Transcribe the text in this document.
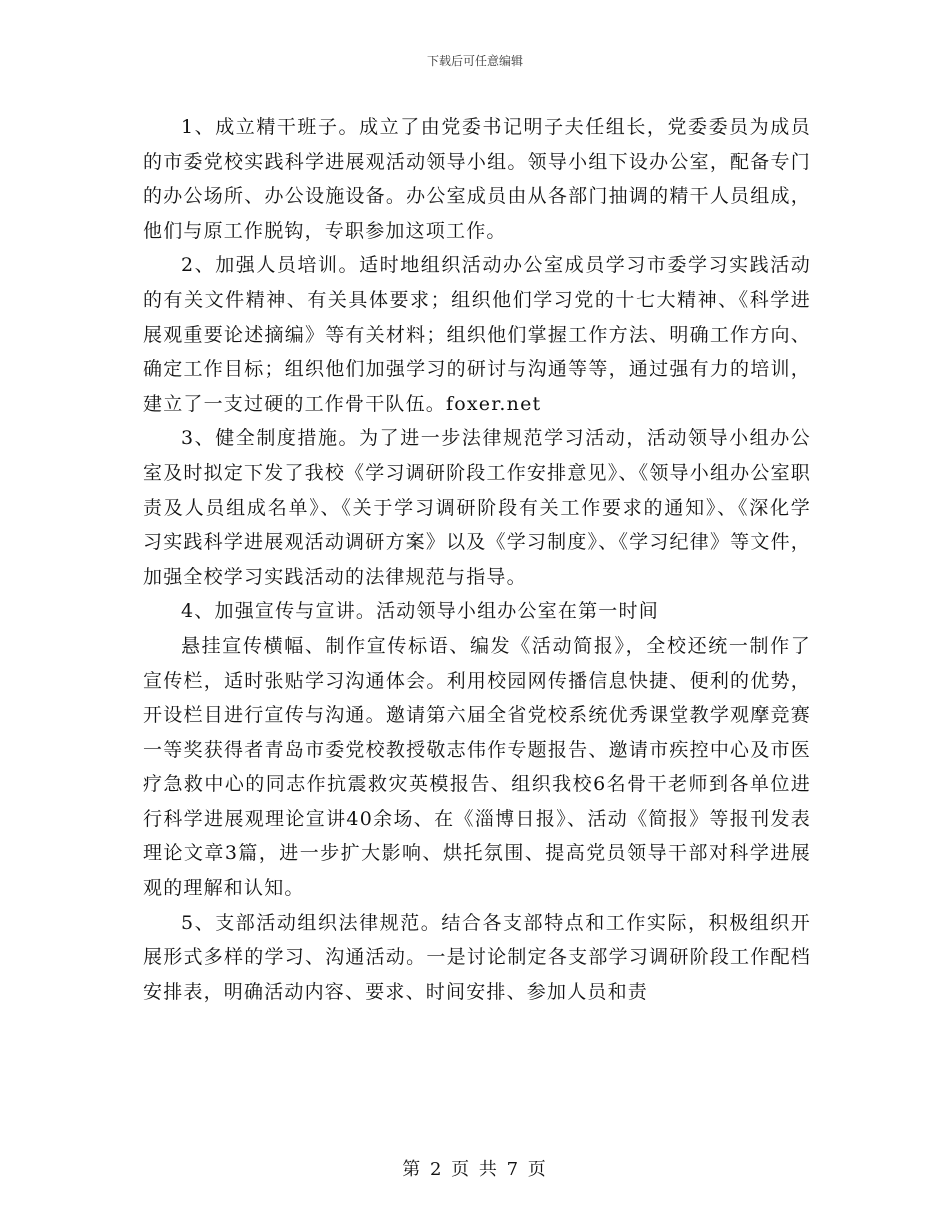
下载后可任意编辑

1、成立精干班子。成立了由党委书记明子夫任组长，党委委员为成员的市委党校实践科学进展观活动领导小组。领导小组下设办公室，配备专门的办公场所、办公设施设备。办公室成员由从各部门抽调的精干人员组成，他们与原工作脱钩，专职参加这项工作。

2、加强人员培训。适时地组织活动办公室成员学习市委学习实践活动的有关文件精神、有关具体要求；组织他们学习党的十七大精神、《科学进展观重要论述摘编》等有关材料；组织他们掌握工作方法、明确工作方向、确定工作目标；组织他们加强学习的研讨与沟通等等，通过强有力的培训，建立了一支过硬的工作骨干队伍。foxer.net

3、健全制度措施。为了进一步法律规范学习活动，活动领导小组办公室及时拟定下发了我校《学习调研阶段工作安排意见》、《领导小组办公室职责及人员组成名单》、《关于学习调研阶段有关工作要求的通知》、《深化学习实践科学进展观活动调研方案》以及《学习制度》、《学习纪律》等文件，加强全校学习实践活动的法律规范与指导。

4、加强宣传与宣讲。活动领导小组办公室在第一时间

悬挂宣传横幅、制作宣传标语、编发《活动简报》，全校还统一制作了宣传栏，适时张贴学习沟通体会。利用校园网传播信息快捷、便利的优势，开设栏目进行宣传与沟通。邀请第六届全省党校系统优秀课堂教学观摩竞赛一等奖获得者青岛市委党校教授敬志伟作专题报告、邀请市疾控中心及市医疗急救中心的同志作抗震救灾英模报告、组织我校6名骨干老师到各单位进行科学进展观理论宣讲40余场、在《淄博日报》、活动《简报》等报刊发表理论文章3篇，进一步扩大影响、烘托氛围、提高党员领导干部对科学进展观的理解和认知。

5、支部活动组织法律规范。结合各支部特点和工作实际，积极组织开展形式多样的学习、沟通活动。一是讨论制定各支部学习调研阶段工作配档安排表，明确活动内容、要求、时间安排、参加人员和责

第 2 页 共 7 页
